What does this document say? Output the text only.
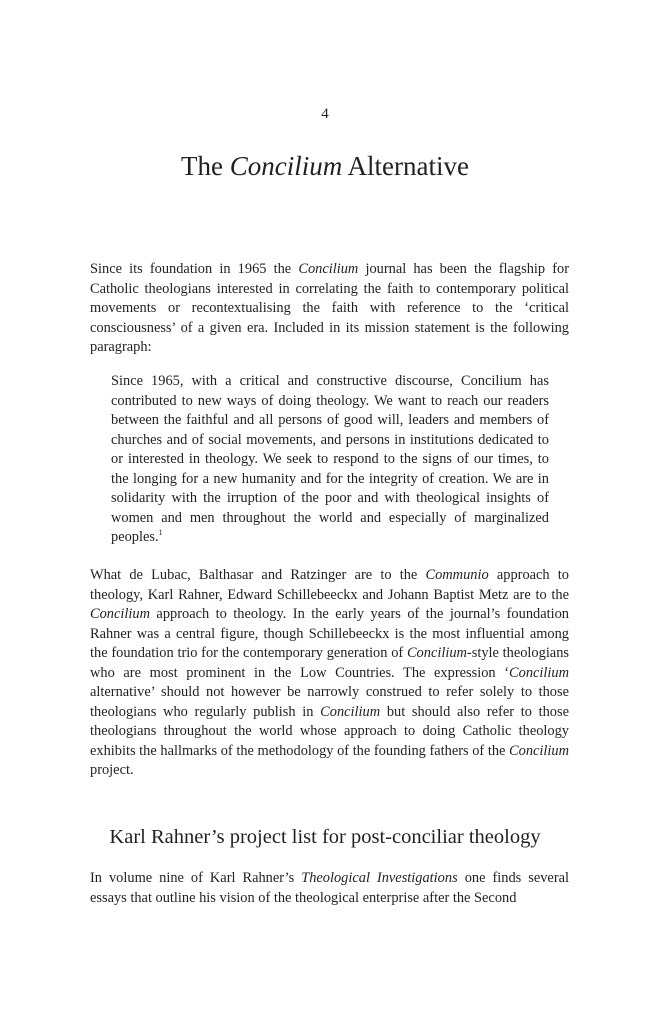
4
The Concilium Alternative

Since its foundation in 1965 the Concilium journal has been the flagship for Catholic theologians interested in correlating the faith to contemporary political movements or recontextualising the faith with reference to the ‘critical consciousness’ of a given era. Included in its mission statement is the following paragraph:

Since 1965, with a critical and constructive discourse, Concilium has contributed to new ways of doing theology. We want to reach our readers between the faithful and all persons of good will, leaders and members of churches and of social movements, and persons in institutions dedicated to or interested in theology. We seek to respond to the signs of our times, to the longing for a new humanity and for the integrity of creation. We are in solidarity with the irruption of the poor and with theological insights of women and men throughout the world and especially of marginalized peoples.$^1$

What de Lubac, Balthasar and Ratzinger are to the Communio approach to theology, Karl Rahner, Edward Schillebeeckx and Johann Baptist Metz are to the Concilium approach to theology. In the early years of the journal’s foundation Rahner was a central figure, though Schillebeeckx is the most influential among the foundation trio for the contemporary generation of Concilium-style theologians who are most prominent in the Low Countries. The expression ‘Concilium alternative’ should not however be narrowly construed to refer solely to those theologians who regularly publish in Concilium but should also refer to those theologians throughout the world whose approach to doing Catholic theology exhibits the hallmarks of the methodology of the founding fathers of the Concilium project.

Karl Rahner’s project list for post-conciliar theology

In volume nine of Karl Rahner’s Theological Investigations one finds several essays that outline his vision of the theological enterprise after the Second
